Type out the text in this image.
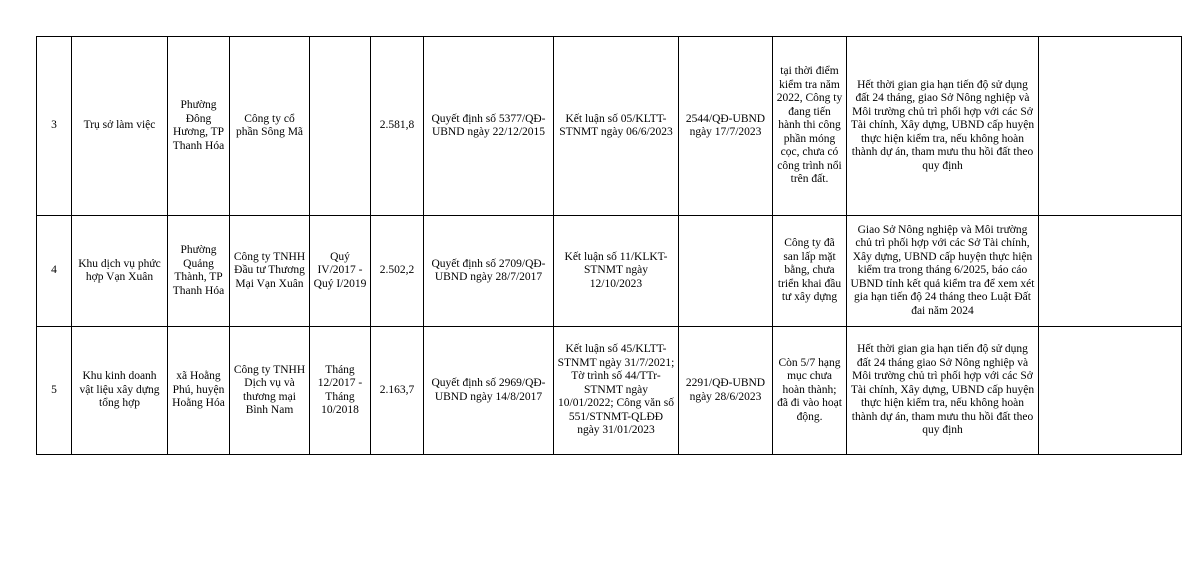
3	Trụ sở làm việc	Phường Đông Hương, TP Thanh Hóa	Công ty cổ phần Sông Mã		2.581,8	Quyết định số 5377/QĐ-UBND ngày 22/12/2015	Kết luận số 05/KLTT-STNMT ngày 06/6/2023	2544/QĐ-UBND ngày 17/7/2023	tại thời điểm kiểm tra năm 2022, Công ty đang tiến hành thi công phần móng cọc, chưa có công trình nổi trên đất.	Hết thời gian gia hạn tiến độ sử dụng đất 24 tháng, giao Sở Nông nghiệp và Môi trường chủ trì phối hợp với các Sở Tài chính, Xây dựng, UBND cấp huyện thực hiện kiểm tra, nếu không hoàn thành dự án, tham mưu thu hồi đất theo quy định	

4	Khu dịch vụ phức hợp Vạn Xuân	Phường Quảng Thành, TP Thanh Hóa	Công ty TNHH Đầu tư Thương Mại Vạn Xuân	Quý IV/2017 - Quý I/2019	2.502,2	Quyết định số 2709/QĐ-UBND ngày 28/7/2017	Kết luận số 11/KLKT-STNMT ngày 12/10/2023		Công ty đã san lấp mặt bằng, chưa triển khai đầu tư xây dựng	Giao Sở Nông nghiệp và Môi trường chủ trì phối hợp với các Sở Tài chính, Xây dựng, UBND cấp huyện thực hiện kiểm tra trong tháng 6/2025, báo cáo UBND tỉnh kết quả kiểm tra để xem xét gia hạn tiến độ 24 tháng theo Luật Đất đai năm 2024	

5	Khu kinh doanh vật liệu xây dựng tổng hợp	xã Hoằng Phú, huyện Hoằng Hóa	Công ty TNHH Dịch vụ và thương mại Bình Nam	Tháng 12/2017 - Tháng 10/2018	2.163,7	Quyết định số 2969/QĐ-UBND ngày 14/8/2017	Kết luận số 45/KLTT-STNMT ngày 31/7/2021; Tờ trình số 44/TTr-STNMT ngày 10/01/2022; Công văn số 551/STNMT-QLĐĐ ngày 31/01/2023	2291/QĐ-UBND ngày 28/6/2023	Còn 5/7 hạng mục chưa hoàn thành; đã đi vào hoạt động.	Hết thời gian gia hạn tiến độ sử dụng đất 24 tháng giao Sở Nông nghiệp và Môi trường chủ trì phối hợp với các Sở Tài chính, Xây dựng, UBND cấp huyện thực hiện kiểm tra, nếu không hoàn thành dự án, tham mưu thu hồi đất theo quy định	
